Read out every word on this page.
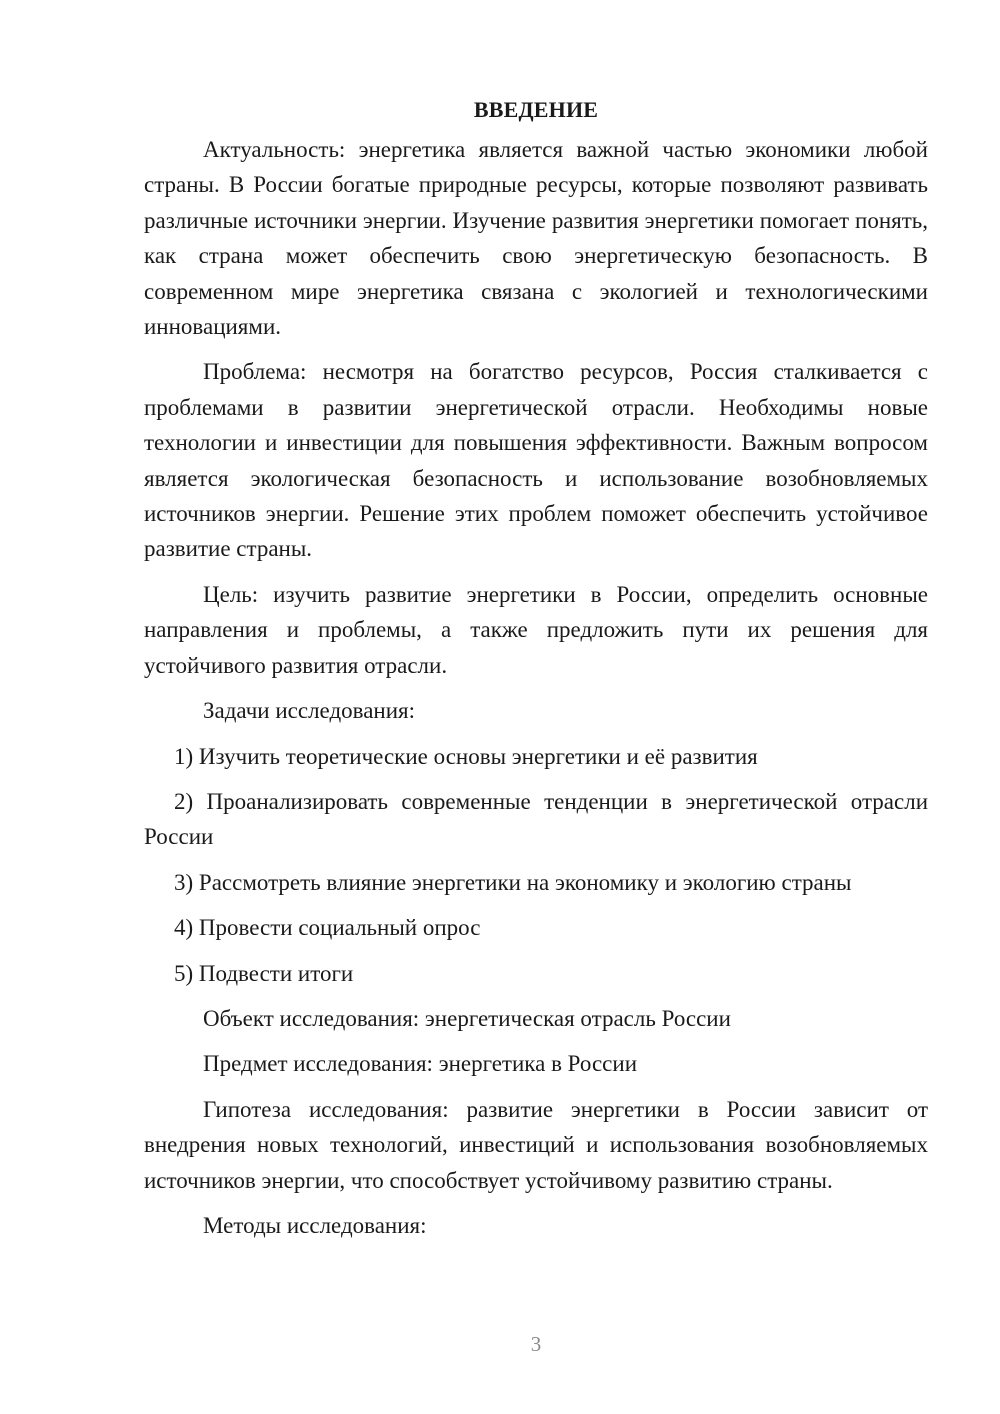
ВВЕДЕНИЕ

Актуальность: энергетика является важной частью экономики любой страны. В России богатые природные ресурсы, которые позволяют развивать различные источники энергии. Изучение развития энергетики помогает понять, как страна может обеспечить свою энергетическую безопасность. В современном мире энергетика связана с экологией и технологическими инновациями.

Проблема: несмотря на богатство ресурсов, Россия сталкивается с проблемами в развитии энергетической отрасли. Необходимы новые технологии и инвестиции для повышения эффективности. Важным вопросом является экологическая безопасность и использование возобновляемых источников энергии. Решение этих проблем поможет обеспечить устойчивое развитие страны.

Цель: изучить развитие энергетики в России, определить основные направления и проблемы, а также предложить пути их решения для устойчивого развития отрасли.

Задачи исследования:

1) Изучить теоретические основы энергетики и её развития

2) Проанализировать современные тенденции в энергетической отрасли России

3) Рассмотреть влияние энергетики на экономику и экологию страны

4) Провести социальный опрос

5) Подвести итоги

Объект исследования: энергетическая отрасль России

Предмет исследования: энергетика в России

Гипотеза исследования: развитие энергетики в России зависит от внедрения новых технологий, инвестиций и использования возобновляемых источников энергии, что способствует устойчивому развитию страны.

Методы исследования:

3
